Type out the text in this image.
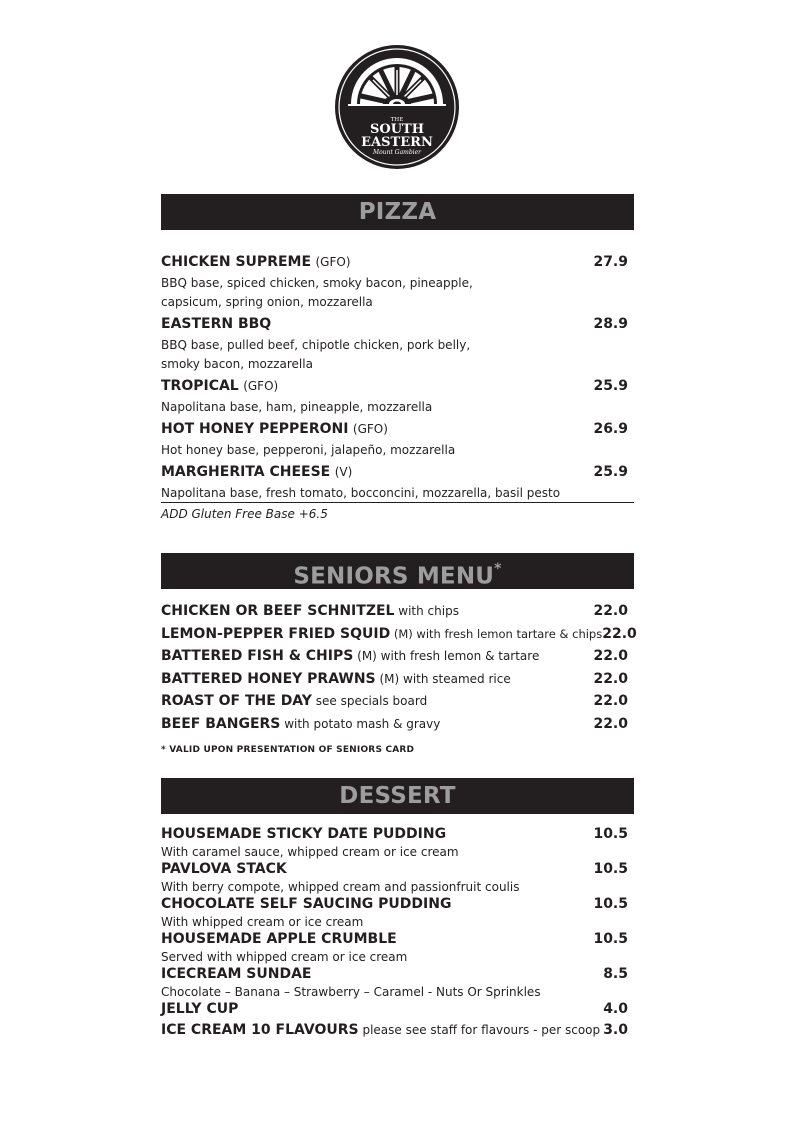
THE
SOUTH
EASTERN
Mount Gambier
PIZZA
CHICKEN SUPREME (GFO)	27.9
BBQ base, spiced chicken, smoky bacon, pineapple,
capsicum, spring onion, mozzarella
EASTERN BBQ	28.9
BBQ base, pulled beef, chipotle chicken, pork belly,
smoky bacon, mozzarella
TROPICAL (GFO)	25.9
Napolitana base, ham, pineapple, mozzarella
HOT HONEY PEPPERONI (GFO)	26.9
Hot honey base, pepperoni, jalapeño, mozzarella
MARGHERITA CHEESE (V)	25.9
Napolitana base, fresh tomato, bocconcini, mozzarella, basil pesto
ADD Gluten Free Base +6.5
SENIORS MENU*
CHICKEN OR BEEF SCHNITZEL with chips	22.0
LEMON-PEPPER FRIED SQUID (M) with fresh lemon tartare & chips 22.0
BATTERED FISH & CHIPS (M) with fresh lemon & tartare	22.0
BATTERED HONEY PRAWNS (M) with steamed rice	22.0
ROAST OF THE DAY see specials board	22.0
BEEF BANGERS with potato mash & gravy	22.0
* VALID UPON PRESENTATION OF SENIORS CARD
DESSERT
HOUSEMADE STICKY DATE PUDDING	10.5
With caramel sauce, whipped cream or ice cream
PAVLOVA STACK	10.5
With berry compote, whipped cream and passionfruit coulis
CHOCOLATE SELF SAUCING PUDDING	10.5
With whipped cream or ice cream
HOUSEMADE APPLE CRUMBLE	10.5
Served with whipped cream or ice cream
ICECREAM SUNDAE	8.5
Chocolate – Banana – Strawberry – Caramel - Nuts Or Sprinkles
JELLY CUP	4.0
ICE CREAM 10 FLAVOURS please see staff for flavours - per scoop 3.0
